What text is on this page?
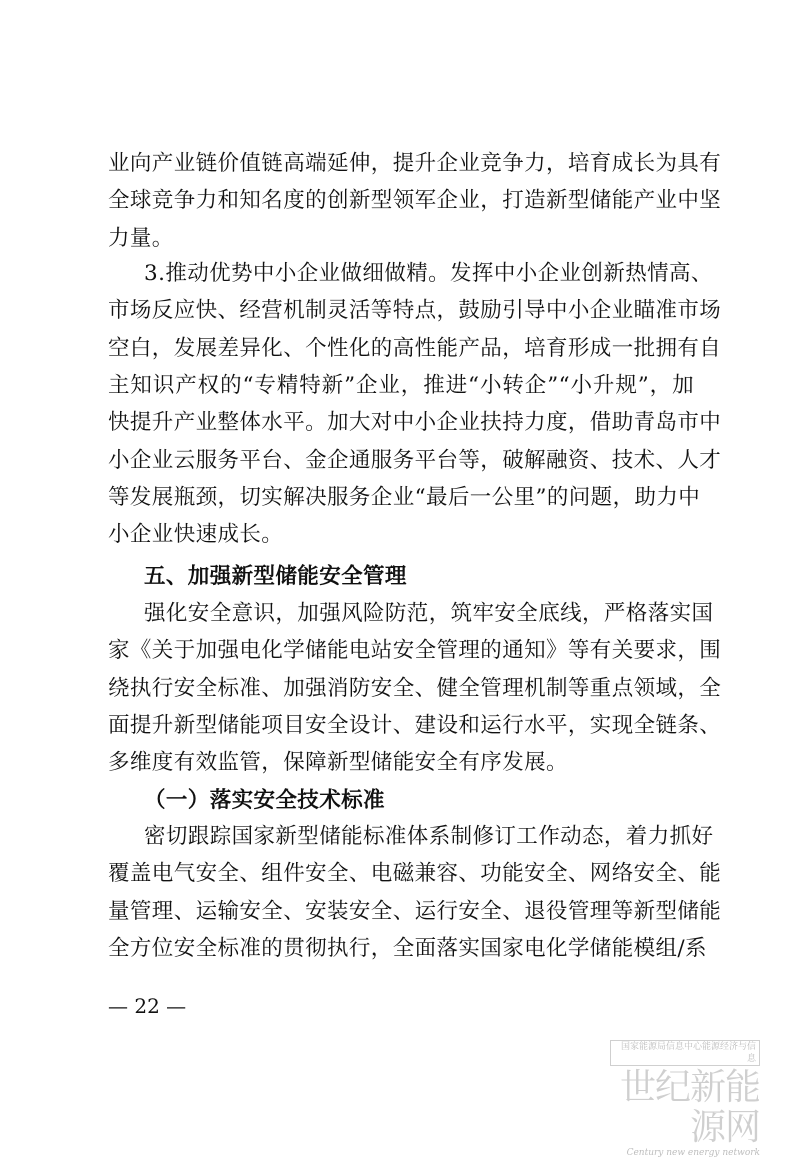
业向产业链价值链高端延伸，提升企业竞争力，培育成长为具有
全球竞争力和知名度的创新型领军企业，打造新型储能产业中坚
力量。
3.推动优势中小企业做细做精。发挥中小企业创新热情高、
市场反应快、经营机制灵活等特点，鼓励引导中小企业瞄准市场
空白，发展差异化、个性化的高性能产品，培育形成一批拥有自
主知识产权的“专精特新”企业，推进“小转企”“小升规”，加
快提升产业整体水平。加大对中小企业扶持力度，借助青岛市中
小企业云服务平台、金企通服务平台等，破解融资、技术、人才
等发展瓶颈，切实解决服务企业“最后一公里”的问题，助力中
小企业快速成长。
五、加强新型储能安全管理
强化安全意识，加强风险防范，筑牢安全底线，严格落实国
家《关于加强电化学储能电站安全管理的通知》等有关要求，围
绕执行安全标准、加强消防安全、健全管理机制等重点领域，全
面提升新型储能项目安全设计、建设和运行水平，实现全链条、
多维度有效监管，保障新型储能安全有序发展。
（一）落实安全技术标准
密切跟踪国家新型储能标准体系制修订工作动态，着力抓好
覆盖电气安全、组件安全、电磁兼容、功能安全、网络安全、能
量管理、运输安全、安装安全、运行安全、退役管理等新型储能
全方位安全标准的贯彻执行，全面落实国家电化学储能模组/系
— 22 —
国家能源局信息中心能源经济与信息
世纪新能源网
Century new energy network
